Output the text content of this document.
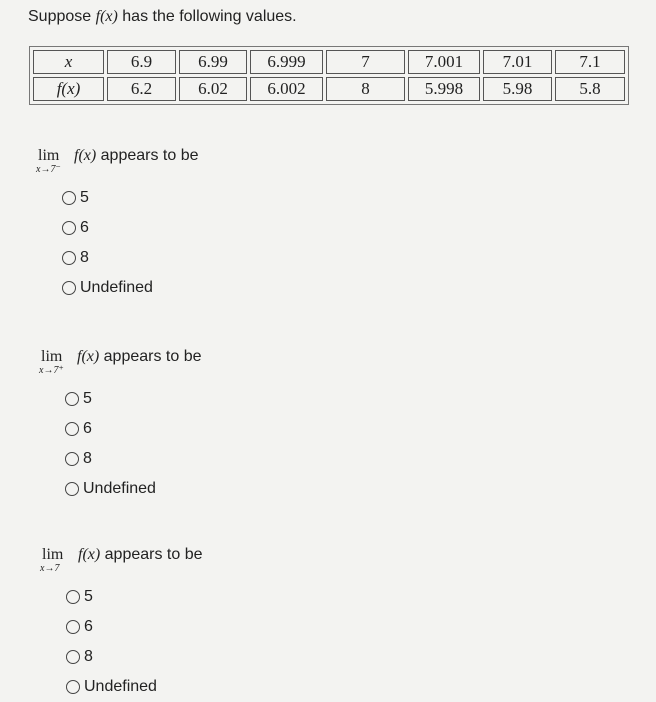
Suppose f(x) has the following values.
x	6.9	6.99	6.999	7	7.001	7.01	7.1
f(x)	6.2	6.02	6.002	8	5.998	5.98	5.8
lim
x→7⁻
f(x) appears to be
5
6
8
Undefined
lim
x→7⁺
f(x) appears to be
5
6
8
Undefined
lim
x→7
f(x) appears to be
5
6
8
Undefined
